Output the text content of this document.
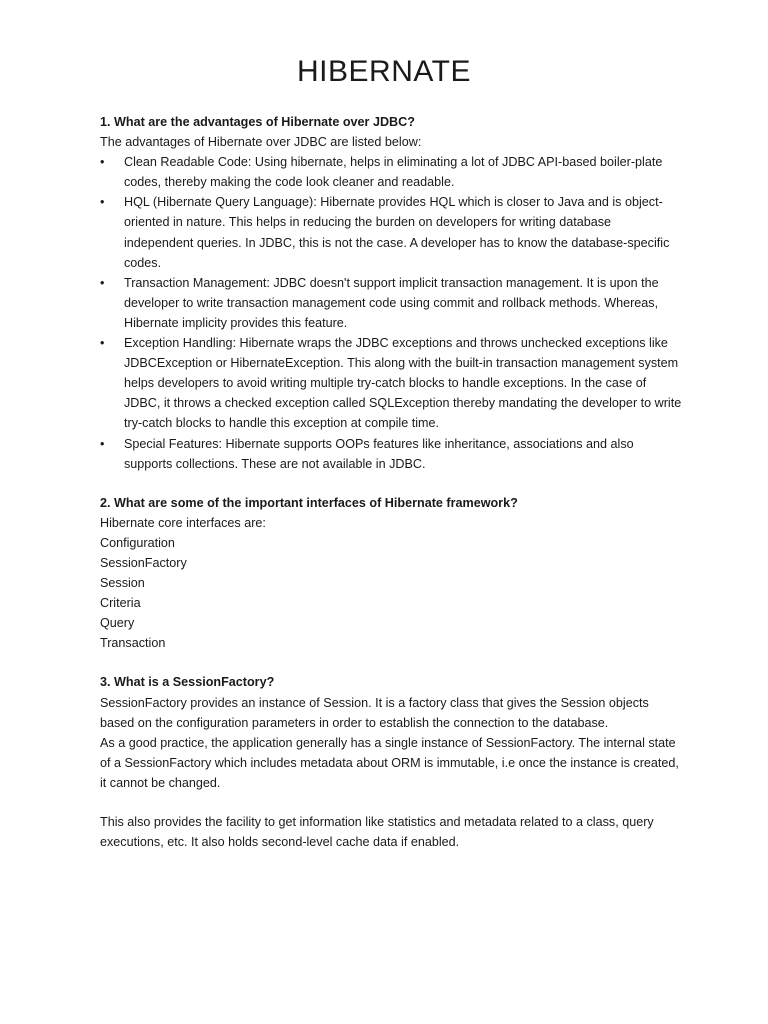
HIBERNATE

1. What are the advantages of Hibernate over JDBC?

The advantages of Hibernate over JDBC are listed below:

• Clean Readable Code: Using hibernate, helps in eliminating a lot of JDBC API-based boiler-plate codes, thereby making the code look cleaner and readable.
• HQL (Hibernate Query Language): Hibernate provides HQL which is closer to Java and is object-oriented in nature. This helps in reducing the burden on developers for writing database independent queries. In JDBC, this is not the case. A developer has to know the database-specific codes.
• Transaction Management: JDBC doesn't support implicit transaction management. It is upon the developer to write transaction management code using commit and rollback methods. Whereas, Hibernate implicity provides this feature.
• Exception Handling: Hibernate wraps the JDBC exceptions and throws unchecked exceptions like JDBCException or HibernateException. This along with the built-in transaction management system helps developers to avoid writing multiple try-catch blocks to handle exceptions. In the case of JDBC, it throws a checked exception called SQLException thereby mandating the developer to write try-catch blocks to handle this exception at compile time.
• Special Features: Hibernate supports OOPs features like inheritance, associations and also supports collections. These are not available in JDBC.

2. What are some of the important interfaces of Hibernate framework?

Hibernate core interfaces are:

Configuration
SessionFactory
Session
Criteria
Query
Transaction

3. What is a SessionFactory?

SessionFactory provides an instance of Session. It is a factory class that gives the Session objects based on the configuration parameters in order to establish the connection to the database.

As a good practice, the application generally has a single instance of SessionFactory. The internal state of a SessionFactory which includes metadata about ORM is immutable, i.e once the instance is created, it cannot be changed.

This also provides the facility to get information like statistics and metadata related to a class, query executions, etc. It also holds second-level cache data if enabled.
